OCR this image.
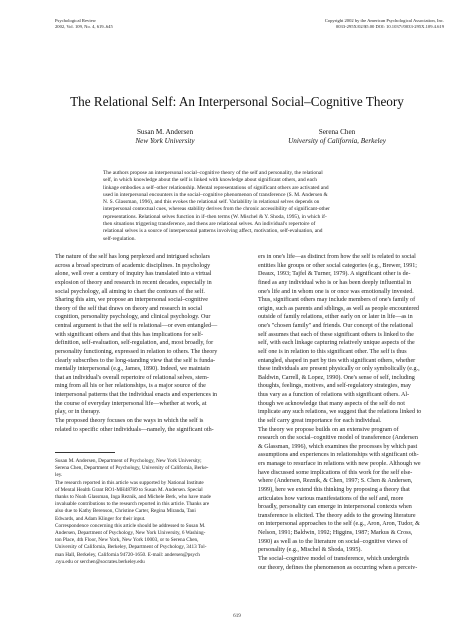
Psychological Review
2002, Vol. 109, No. 4, 619–645
Copyright 2002 by the American Psychological Association, Inc.
0033-295X/02/$5.00 DOI: 10.1037//0033-295X.109.4.619
The Relational Self: An Interpersonal Social–Cognitive Theory
Susan M. Andersen
New York University
Serena Chen
University of California, Berkeley
The authors propose an interpersonal social–cognitive theory of the self and personality, the relational
self, in which knowledge about the self is linked with knowledge about significant others, and each
linkage embodies a self–other relationship. Mental representations of significant others are activated and
used in interpersonal encounters in the social–cognitive phenomenon of transference (S. M. Andersen &
N. S. Glassman, 1996), and this evokes the relational self. Variability in relational selves depends on
interpersonal contextual cues, whereas stability derives from the chronic accessibility of significant-other
representations. Relational selves function in if–then terms (W. Mischel & Y. Shoda, 1995), in which if-
then situations triggering transference, and thens are relational selves. An individual's repertoire of
relational selves is a source of interpersonal patterns involving affect, motivation, self-evaluation, and
self-regulation.
The nature of the self has long perplexed and intrigued scholars
across a broad spectrum of academic disciplines. In psychology
alone, well over a century of inquiry has translated into a virtual
explosion of theory and research in recent decades, especially in
social psychology, all aiming to chart the contours of the self.
Sharing this aim, we propose an interpersonal social–cognitive
theory of the self that draws on theory and research in social
cognition, personality psychology, and clinical psychology. Our
central argument is that the self is relational—or even entangled—
with significant others and that this has implications for self-
definition, self-evaluation, self-regulation, and, most broadly, for
personality functioning, expressed in relation to others. The theory
clearly subscribes to the long-standing view that the self is funda-
mentally interpersonal (e.g., James, 1890). Indeed, we maintain
that an individual's overall repertoire of relational selves, stem-
ming from all his or her relationships, is a major source of the
interpersonal patterns that the individual enacts and experiences in
the course of everyday interpersonal life—whether at work, at
play, or in therapy.
The proposed theory focuses on the ways in which the self is
related to specific other individuals—namely, the significant oth-
ers in one's life—as distinct from how the self is related to social
entities like groups or other social categories (e.g., Brewer, 1991;
Deaux, 1993; Tajfel & Turner, 1979). A significant other is de-
fined as any individual who is or has been deeply influential in
one's life and in whom one is or once was emotionally invested.
Thus, significant others may include members of one's family of
origin, such as parents and siblings, as well as people encountered
outside of family relations, either early on or later in life—as in
one's "chosen family" and friends. Our concept of the relational
self assumes that each of these significant others is linked to the
self, with each linkage capturing relatively unique aspects of the
self one is in relation to this significant other. The self is thus
entangled, shaped in part by ties with significant others, whether
these individuals are present physically or only symbolically (e.g.,
Baldwin, Carrell, & Lopez, 1990). One's sense of self, including
thoughts, feelings, motives, and self-regulatory strategies, may
thus vary as a function of relations with significant others. Al-
though we acknowledge that many aspects of the self do not
implicate any such relations, we suggest that the relations linked to
the self carry great importance for each individual.
The theory we propose builds on an extensive program of
research on the social–cognitive model of transference (Andersen
& Glassman, 1996), which examines the processes by which past
assumptions and experiences in relationships with significant oth-
ers manage to resurface in relations with new people. Although we
have discussed some implications of this work for the self else-
where (Andersen, Reznik, & Chen, 1997; S. Chen & Andersen,
1999), here we extend this thinking by proposing a theory that
articulates how various manifestations of the self and, more
broadly, personality can emerge in interpersonal contexts when
transference is elicited. The theory adds to the growing literature
on interpersonal approaches to the self (e.g., Aron, Aron, Tudor, &
Nelson, 1991; Baldwin, 1992; Higgins, 1987; Markus & Cross,
1990) as well as to the literature on social–cognitive views of
personality (e.g., Mischel & Shoda, 1995).
The social–cognitive model of transference, which undergirds
our theory, defines the phenomenon as occurring when a perceiv-
Susan M. Andersen, Department of Psychology, New York University;
Serena Chen, Department of Psychology, University of California, Berke-
ley.
The research reported in this article was supported by National Institute
of Mental Health Grant RO1-MH48789 to Susan M. Andersen. Special
thanks to Noah Glassman, Inga Reznik, and Michele Berk, who have made
invaluable contributions to the research reported in this article. Thanks are
also due to Kathy Berenson, Christine Carter, Regina Miranda, Tani
Edwards, and Adam Klinger for their input.
Correspondence concerning this article should be addressed to Susan M.
Andersen, Department of Psychology, New York University, 6 Washing-
ton Place, 4th Floor, New York, New York 10003, or to Serena Chen,
University of California, Berkeley, Department of Psychology, 3413 Tol-
man Hall, Berkeley, California 94720-1650. E-mail: andersen@psych
.nyu.edu or serchen@socrates.berkeley.edu
619
